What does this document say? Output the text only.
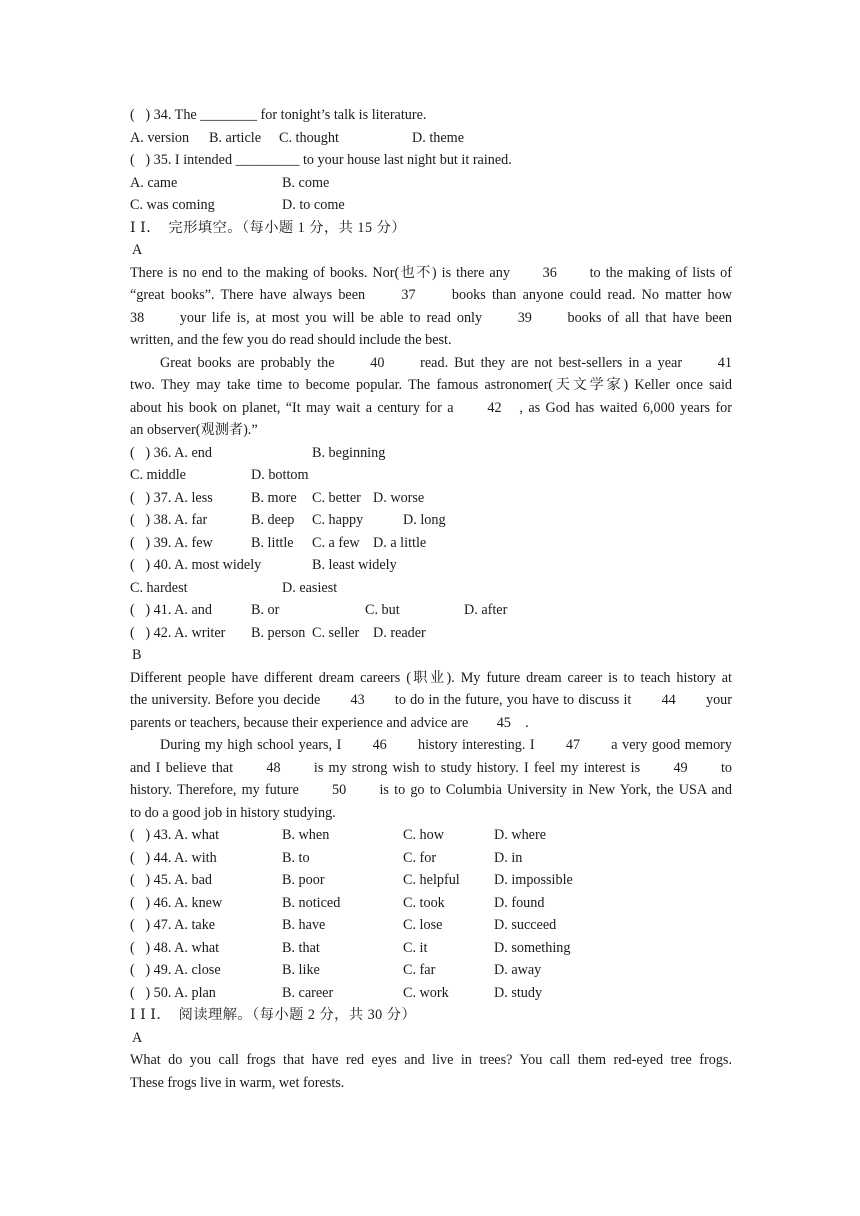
(   ) 34. The ________ for tonight’s talk is literature.
A. version B. article C. thought	D. theme
(   ) 35. I intended _________ to your house last night but it rained.
A. came	B. come
C. was coming	D. to come
Ⅰ Ⅰ．　完形填空。（每小题 1 分，共 15 分）
A
There is no end to the making of books. Nor(也不) is there any　　36　　to the making of lists of
“great books”. There have always been　　37　　books than anyone could read. No matter how
38　　your life is, at most you will be able to read only　　39　　books of all that have been
written, and the few you do read should include the best.
Great books are probably the　　40　　read. But they are not best-sellers in a year　　41
two. They may take time to become popular. The famous astronomer(天文学家) Keller once said
about his book on planet, “It may wait a century for a　　42　, as God has waited 6,000 years for
an observer(观测者).”
(   ) 36. A. end	B. beginning
C. middle	D. bottom
(   ) 37. A. less	B. more C. better D. worse
(   ) 38. A. far	B. deep C. happy	D. long
(   ) 39. A. few	B. little C. a few D. a little
(   ) 40. A. most widely	B. least widely
C. hardest	D. easiest
(   ) 41. A. and	B. or	C. but	D. after
(   ) 42. A. writer B. person C. seller D. reader
B
Different people have different dream careers (职业). My future dream career is to teach history at
the university. Before you decide　　43　　to do in the future, you have to discuss it　　44　　your
parents or teachers, because their experience and advice are　　45　.
During my high school years, I　　46　　history interesting. I　　47　　a very good memory
and I believe that　　48　　is my strong wish to study history. I feel my interest is　　49　　to
history. Therefore, my future　　50　　is to go to Columbia University in New York, the USA and
to do a good job in history studying.
(   ) 43. A. what	B. when	C. how	D. where
(   ) 44. A. with	B. to	C. for	D. in
(   ) 45. A. bad	B. poor	C. helpful D. impossible
(   ) 46. A. knew	B. noticed	C. took	D. found
(   ) 47. A. take	B. have	C. lose	D. succeed
(   ) 48. A. what	B. that	C. it	D. something
(   ) 49. A. close	B. like	C. far	D. away
(   ) 50. A. plan	B. career	C. work	D. study
Ⅰ Ⅰ Ⅰ．　阅读理解。（每小题 2 分，共 30 分）
A
What do you call frogs that have red eyes and live in trees? You call them red-eyed tree frogs.
These frogs live in warm, wet forests.
